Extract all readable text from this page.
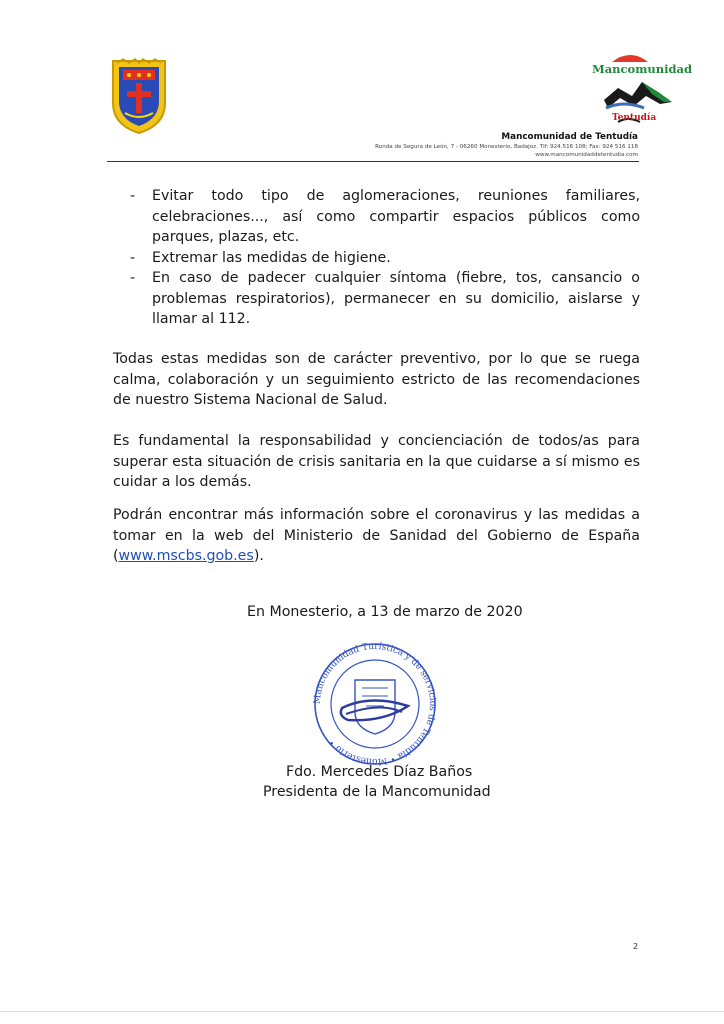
Mancomunidad
Tentudía
Mancomunidad de Tentudía
Ronda de Segura de León, 7 - 06260 Monesterio, Badajoz. Tlf: 924.516 108; Fax: 924 516 118
www.mancomunidaddetentudia.com
- Evitar todo tipo de aglomeraciones, reuniones familiares, celebraciones..., así como compartir espacios públicos como parques, plazas, etc.
- Extremar las medidas de higiene.
- En caso de padecer cualquier síntoma (fiebre, tos, cansancio o problemas respiratorios), permanecer en su domicilio, aislarse y llamar al 112.

Todas estas medidas son de carácter preventivo, por lo que se ruega calma, colaboración y un seguimiento estricto de las recomendaciones de nuestro Sistema Nacional de Salud.

Es fundamental la responsabilidad y concienciación de todos/as para superar esta situación de crisis sanitaria en la que cuidarse a sí mismo es cuidar a los demás.

Podrán encontrar más información sobre el coronavirus y las medidas a tomar en la web del Ministerio de Sanidad del Gobierno de España (www.mscbs.gob.es).

En Monesterio, a 13 de marzo de 2020
Mancomunidad Turística y de servicios de Tentudía • Monesterio •
Fdo. Mercedes Díaz Baños
Presidenta de la Mancomunidad
2
